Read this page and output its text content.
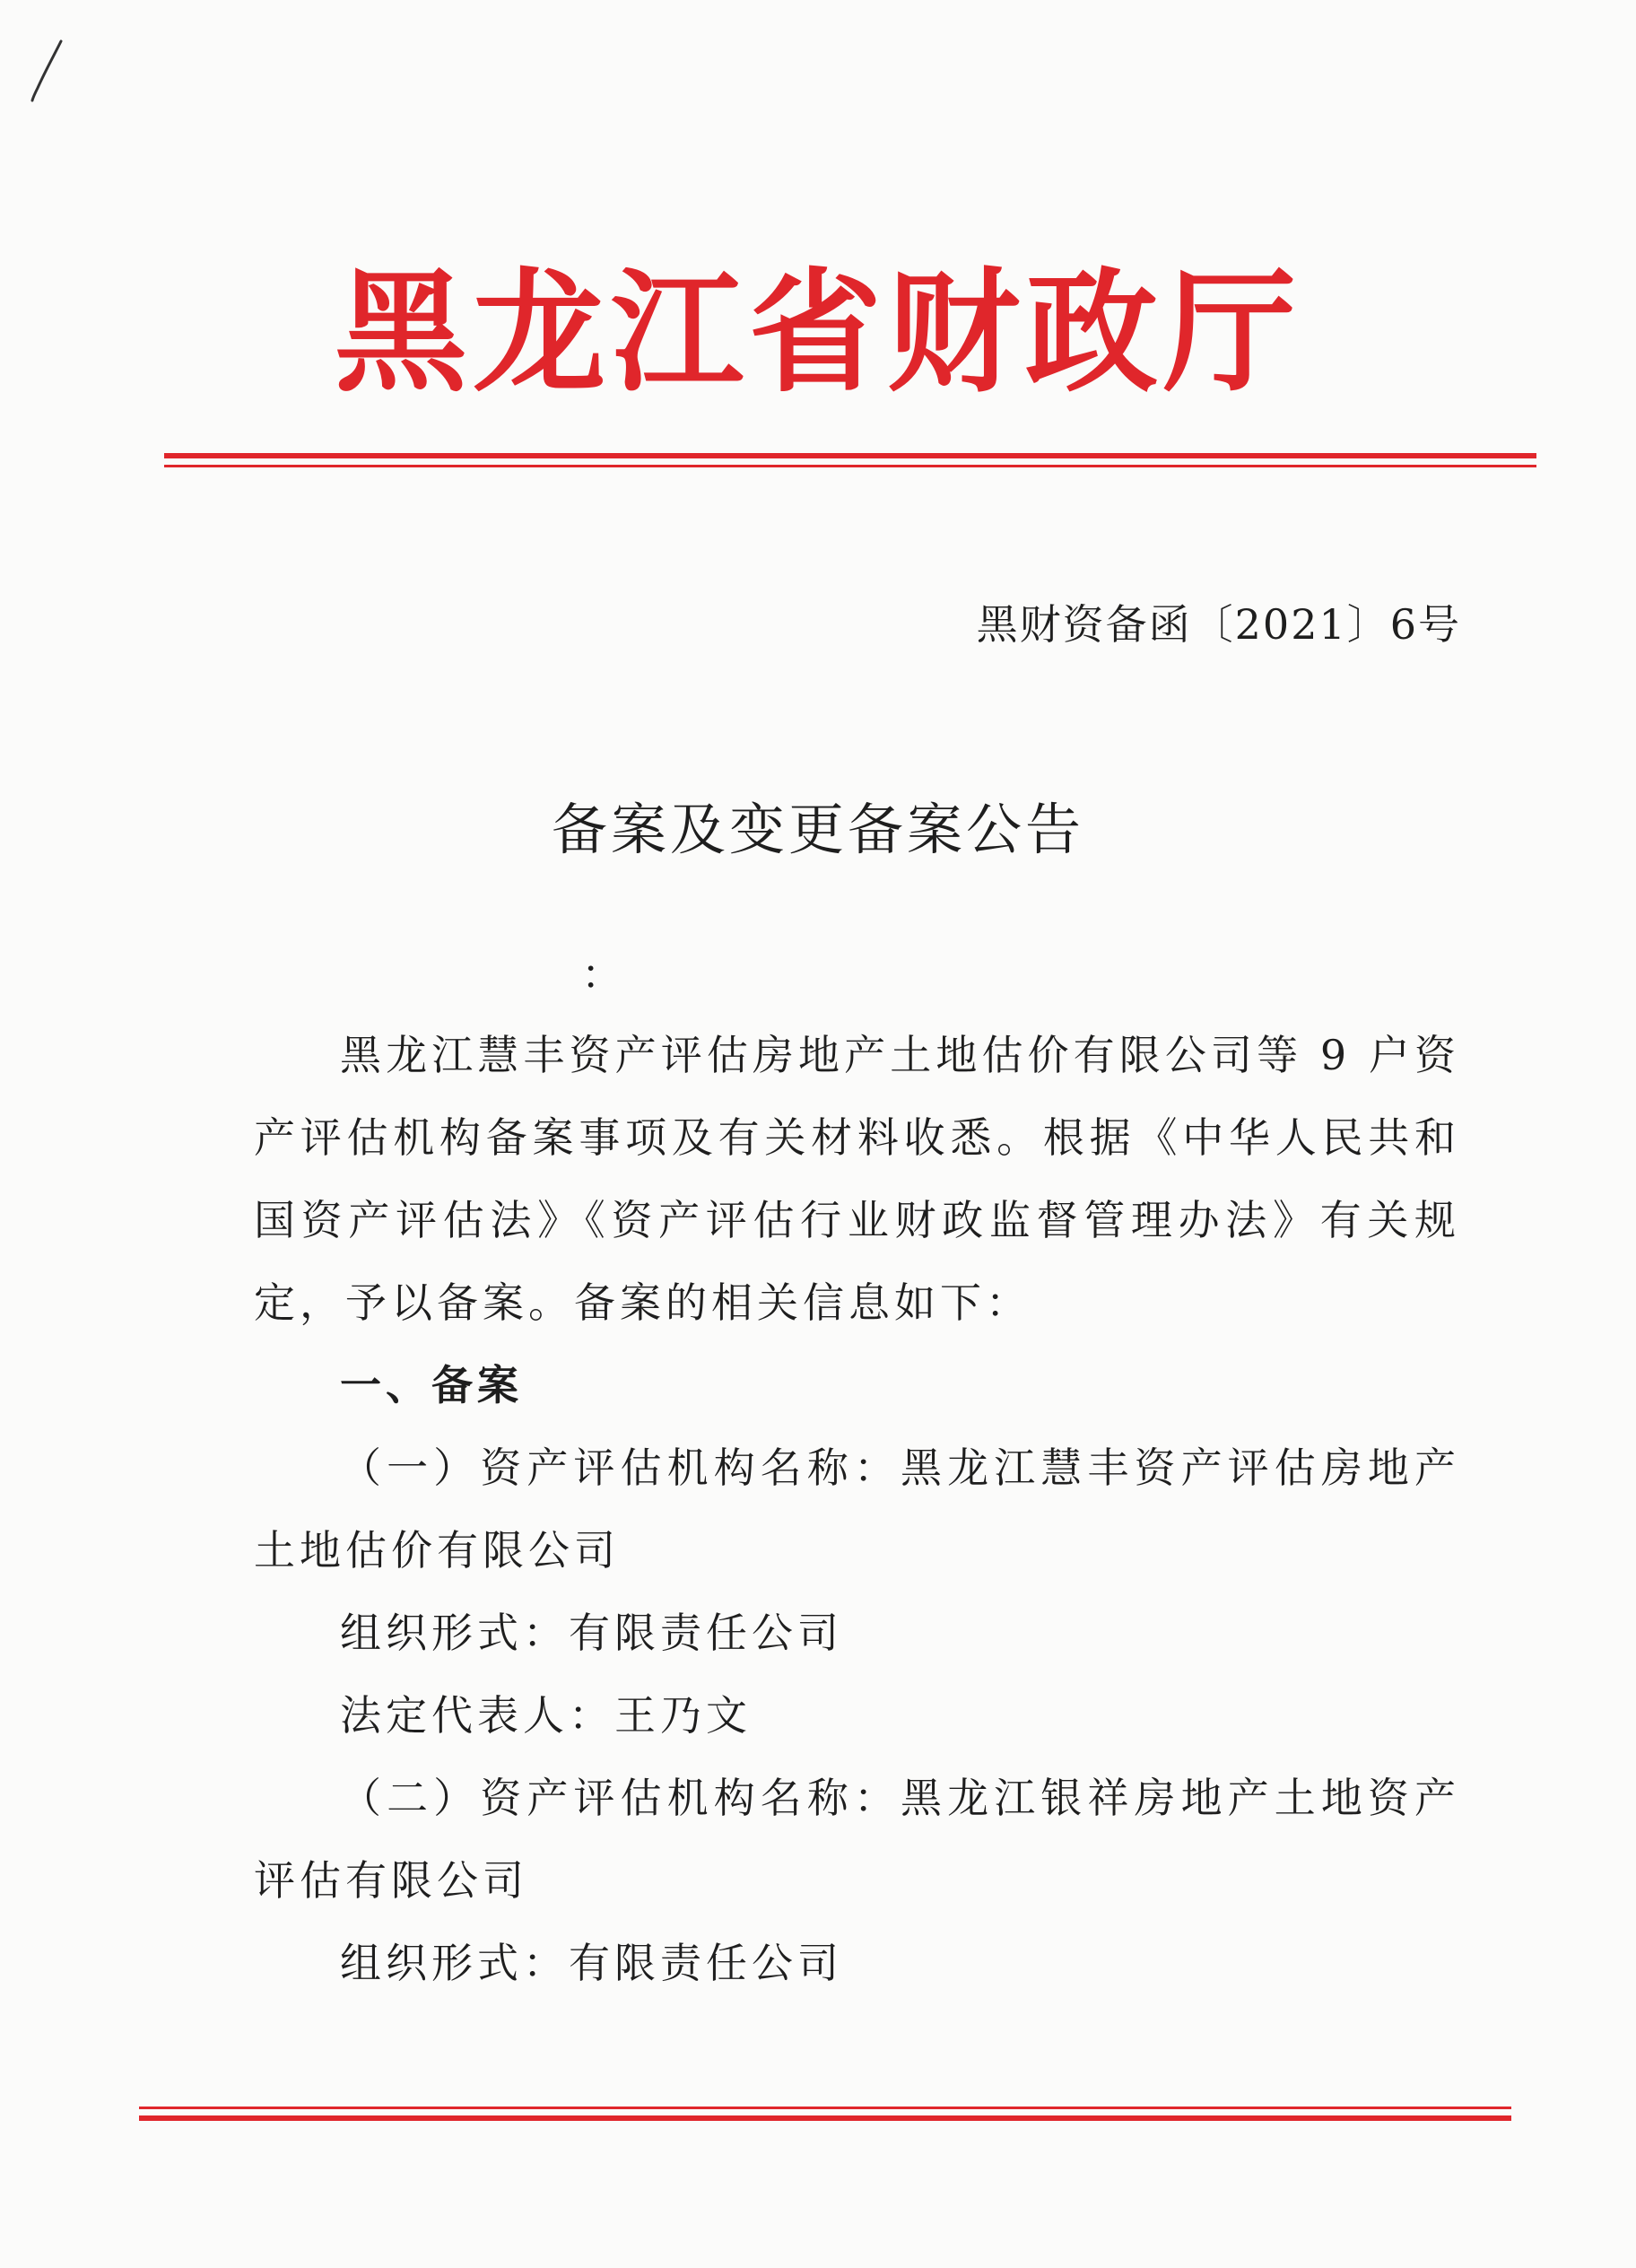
黑龙江省财政厅
黑财资备函〔2021〕6号
备案及变更备案公告
：

黑龙江慧丰资产评估房地产土地估价有限公司等 9 户资产评估机构备案事项及有关材料收悉。根据《中华人民共和国资产评估法》《资产评估行业财政监督管理办法》有关规定，予以备案。备案的相关信息如下：

一、备案

（一）资产评估机构名称：黑龙江慧丰资产评估房地产土地估价有限公司

组织形式：有限责任公司

法定代表人：王乃文

（二）资产评估机构名称：黑龙江银祥房地产土地资产评估有限公司

组织形式：有限责任公司
